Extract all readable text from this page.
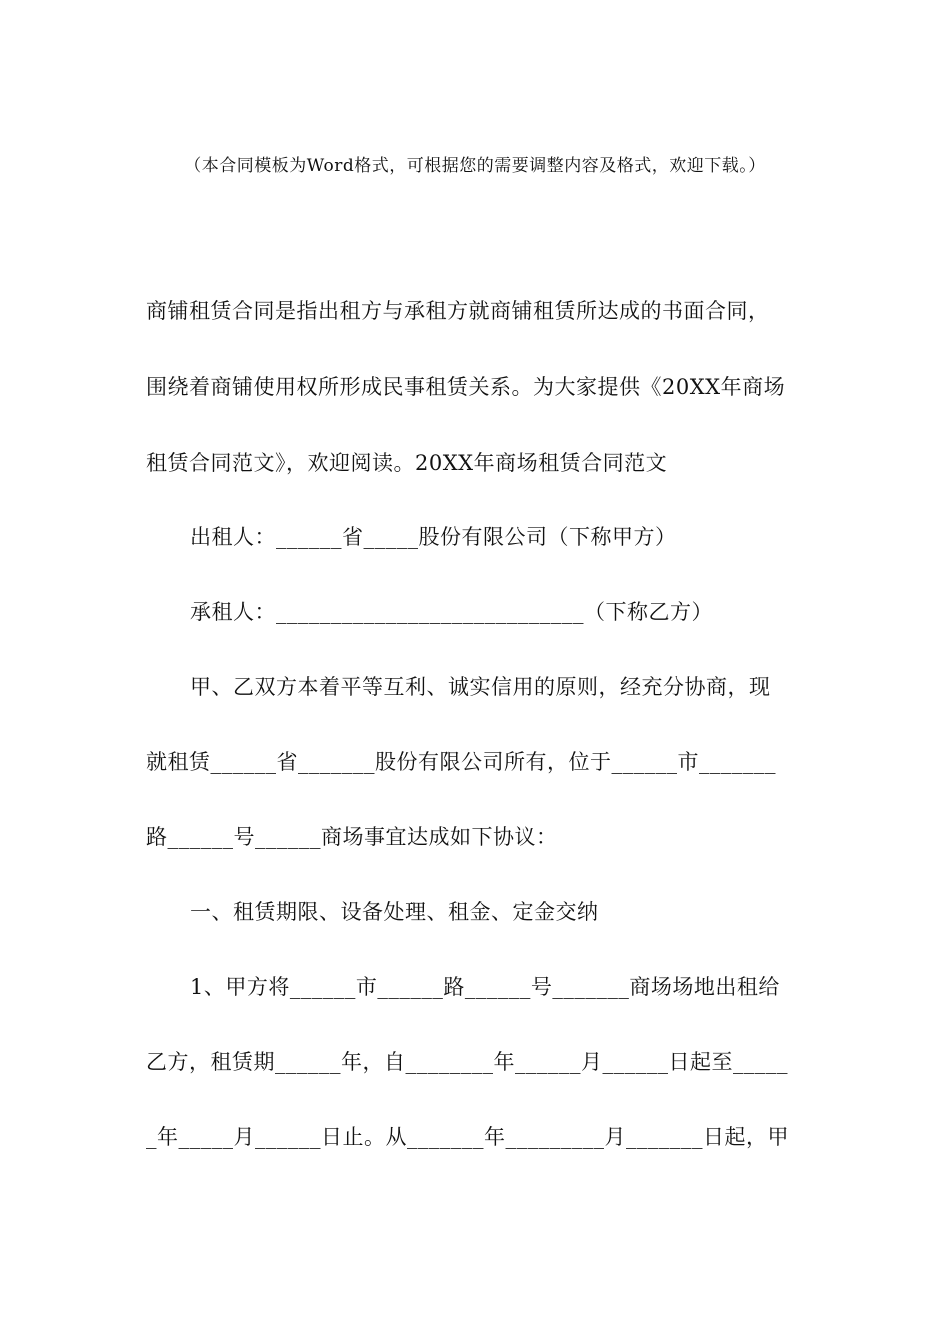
（本合同模板为Word格式，可根据您的需要调整内容及格式，欢迎下载。）
商铺租赁合同是指出租方与承租方就商铺租赁所达成的书面合同，
围绕着商铺使用权所形成民事租赁关系。为大家提供《20XX年商场
租赁合同范文》，欢迎阅读。20XX年商场租赁合同范文
出租人：______省_____股份有限公司（下称甲方）
承租人：____________________________（下称乙方）
甲、乙双方本着平等互利、诚实信用的原则，经充分协商，现
就租赁______省_______股份有限公司所有，位于______市_______
路______号______商场事宜达成如下协议：
一、租赁期限、设备处理、租金、定金交纳
1、甲方将______市______路______号_______商场场地出租给
乙方，租赁期______年，自________年______月______日起至_____
_年_____月______日止。从_______年_________月_______日起，甲
